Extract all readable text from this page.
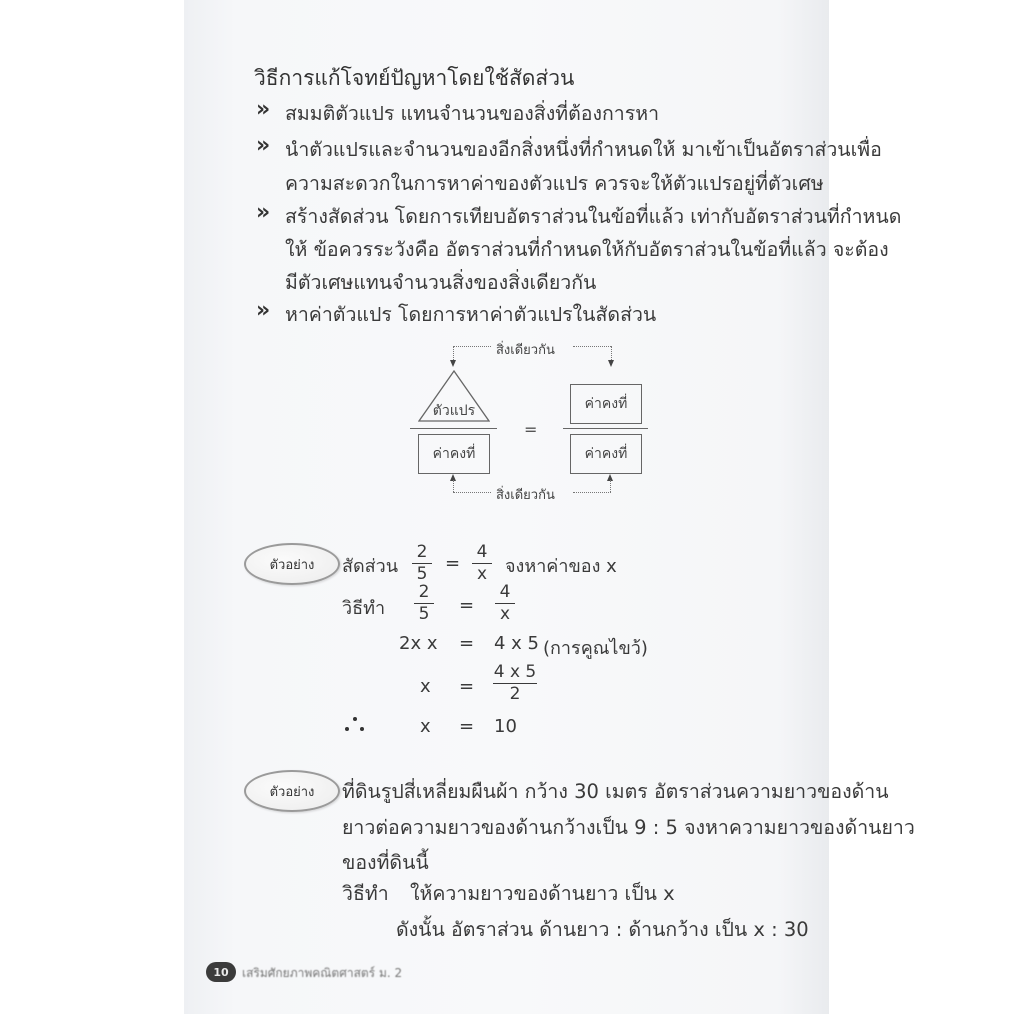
วิธีการแก้โจทย์ปัญหาโดยใช้สัดส่วน
» สมมติตัวแปร แทนจำนวนของสิ่งที่ต้องการหา
» นำตัวแปรและจำนวนของอีกสิ่งหนึ่งที่กำหนดให้ มาเข้าเป็นอัตราส่วนเพื่อ
ความสะดวกในการหาค่าของตัวแปร ควรจะให้ตัวแปรอยู่ที่ตัวเศษ
» สร้างสัดส่วน โดยการเทียบอัตราส่วนในข้อที่แล้ว เท่ากับอัตราส่วนที่กำหนด
ให้ ข้อควรระวังคือ อัตราส่วนที่กำหนดให้กับอัตราส่วนในข้อที่แล้ว จะต้อง
มีตัวเศษแทนจำนวนสิ่งของสิ่งเดียวกัน
» หาค่าตัวแปร โดยการหาค่าตัวแปรในสัดส่วน
สิ่งเดียวกัน
ตัวแปร
ค่าคงที่
=
ค่าคงที่
ค่าคงที่
สิ่งเดียวกัน
ตัวอย่าง สัดส่วน
2
5 =
4
x จงหาค่าของ x
วิธีทำ
2
5 =
4
x
2x x = 4 x 5 (การคูณไขว้)
x =
4 x 5
2
x = 10
ตัวอย่าง ที่ดินรูปสี่เหลี่ยมผืนผ้า กว้าง 30 เมตร อัตราส่วนความยาวของด้าน
ยาวต่อความยาวของด้านกว้างเป็น 9 : 5 จงหาความยาวของด้านยาว
ของที่ดินนี้
วิธีทำ ให้ความยาวของด้านยาว เป็น x
ดังนั้น อัตราส่วน ด้านยาว : ด้านกว้าง เป็น x : 30
10 เสริมศักยภาพคณิตศาสตร์ ม. 2
